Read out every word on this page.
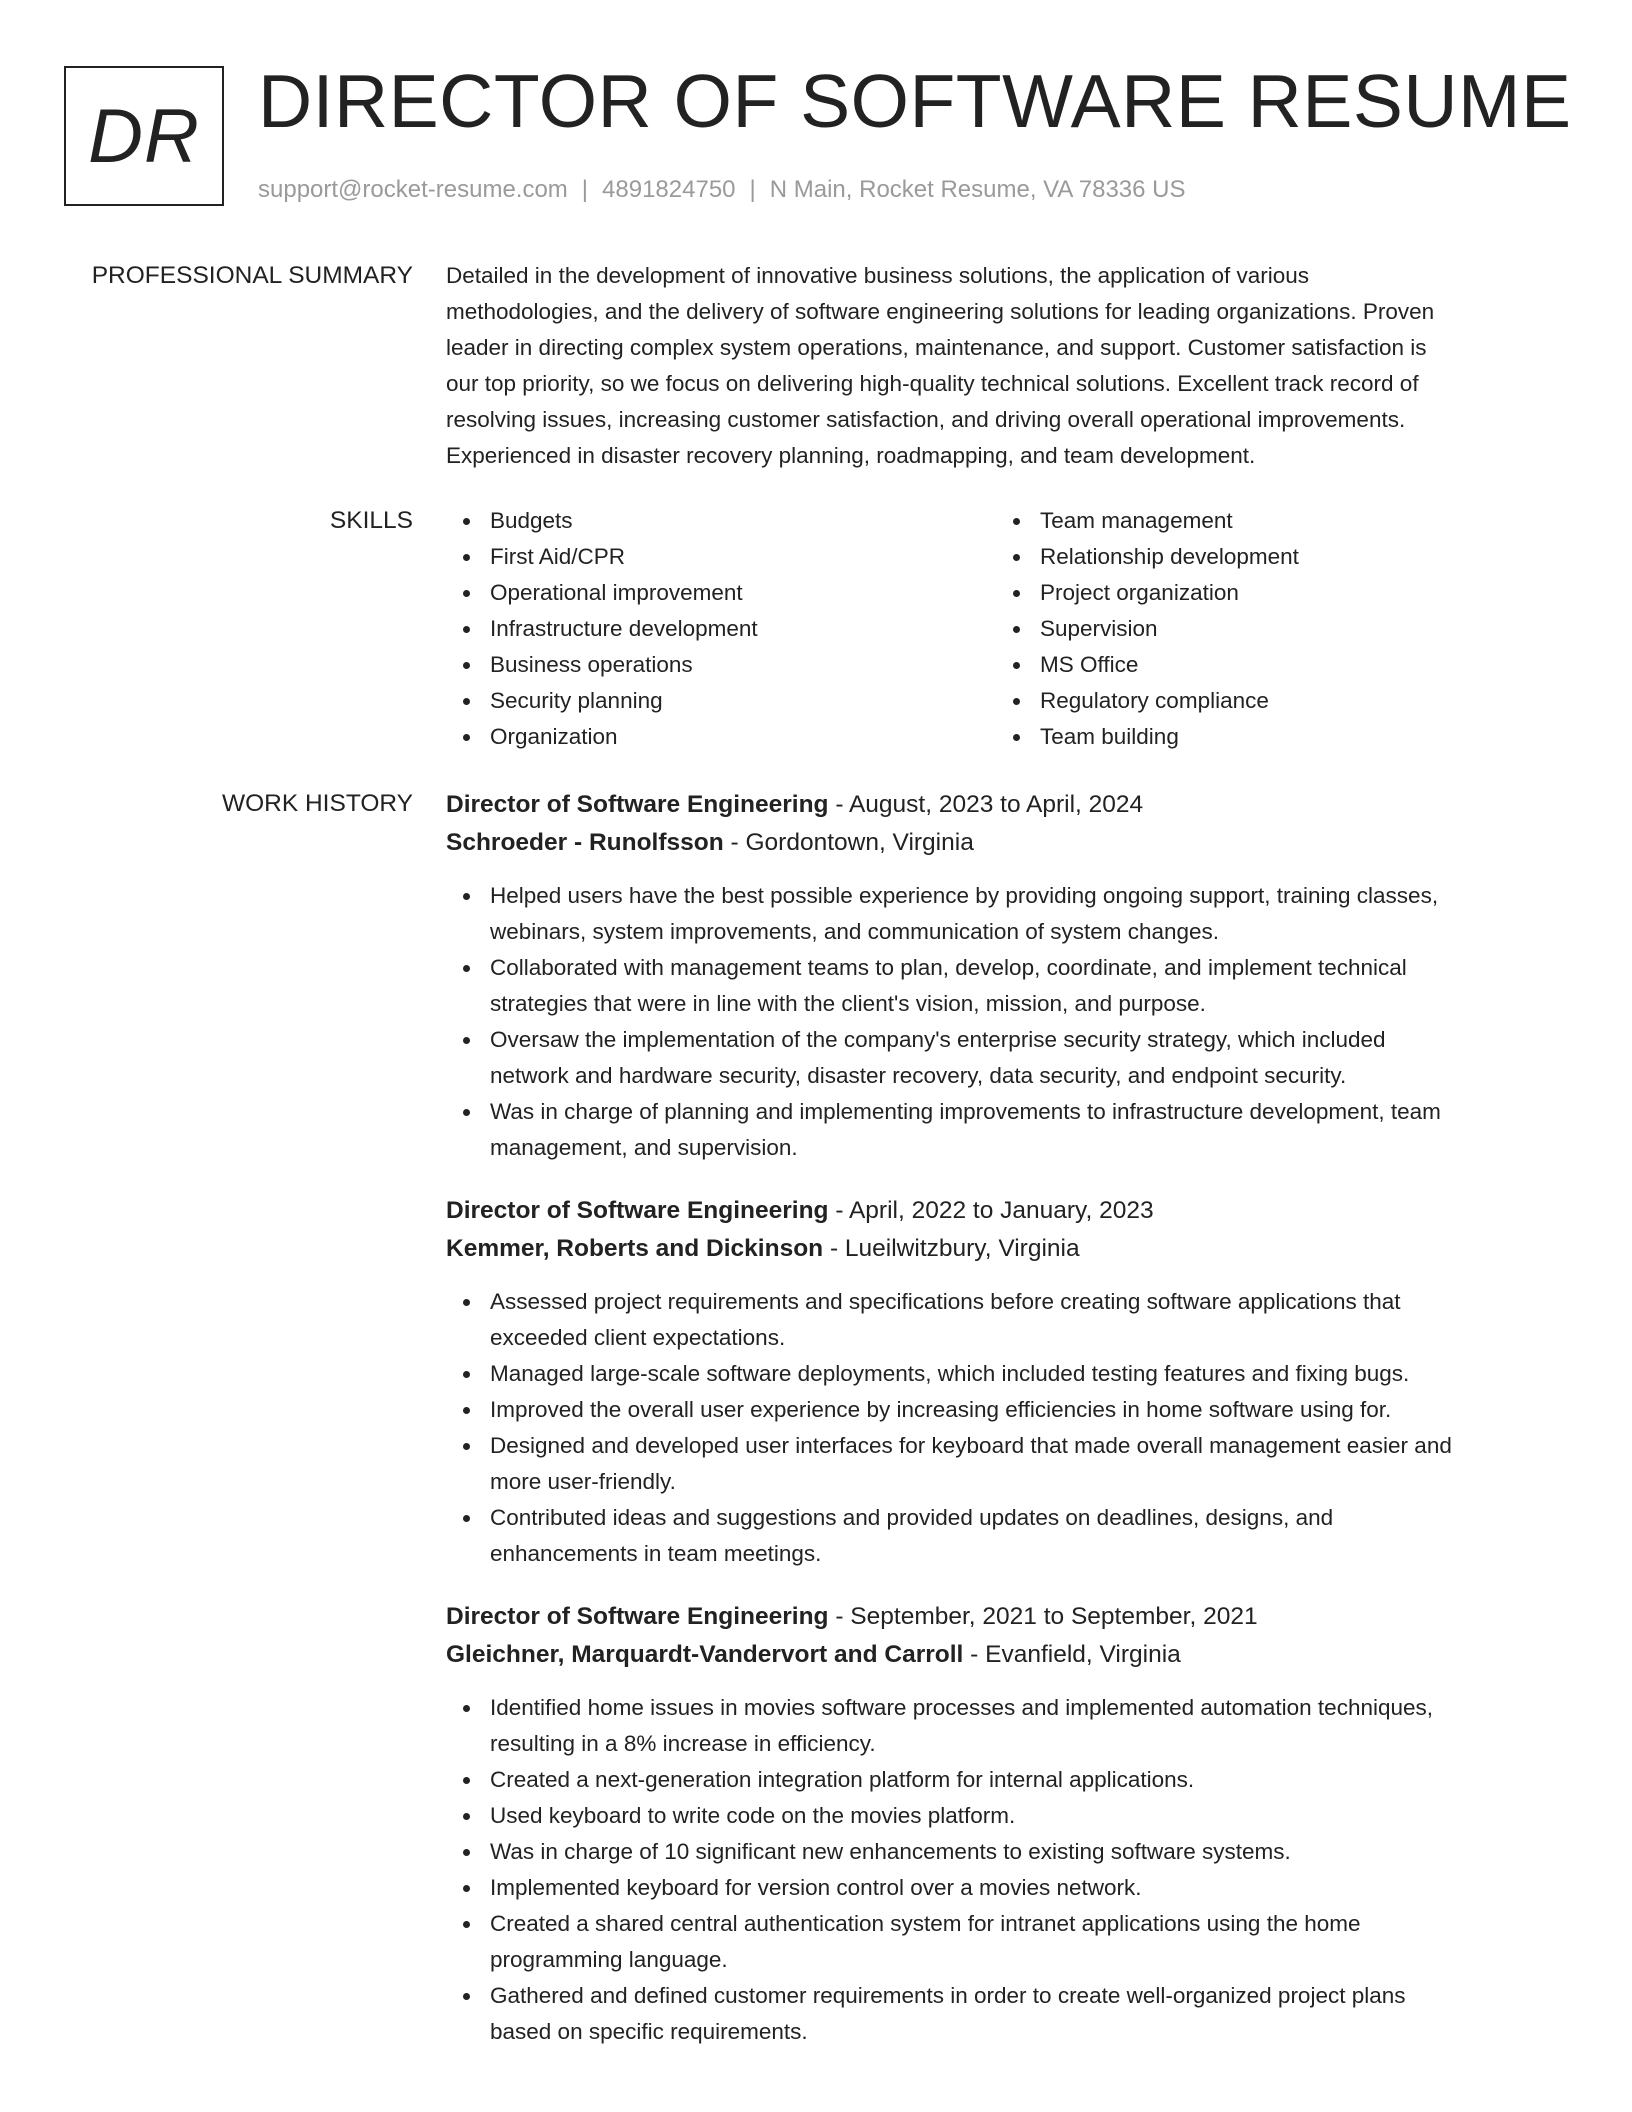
DR DIRECTOR OF SOFTWARE RESUME
support@rocket-resume.com | 4891824750 | N Main, Rocket Resume, VA 78336 US
PROFESSIONAL SUMMARY Detailed in the development of innovative business solutions, the application of various
methodologies, and the delivery of software engineering solutions for leading organizations. Proven
leader in directing complex system operations, maintenance, and support. Customer satisfaction is
our top priority, so we focus on delivering high-quality technical solutions. Excellent track record of
resolving issues, increasing customer satisfaction, and driving overall operational improvements.
Experienced in disaster recovery planning, roadmapping, and team development.

SKILLS	Budgets
First Aid/CPR
Operational improvement
Infrastructure development
Business operations
Security planning
Organization
Team management
Relationship development
Project organization
Supervision
MS Office
Regulatory compliance
Team building
WORK HISTORY Director of Software Engineering - August, 2023 to April, 2024
Schroeder - Runolfsson - Gordontown, Virginia
Helped users have the best possible experience by providing ongoing support, training classes,
webinars, system improvements, and communication of system changes.
Collaborated with management teams to plan, develop, coordinate, and implement technical
strategies that were in line with the client's vision, mission, and purpose.
Oversaw the implementation of the company's enterprise security strategy, which included
network and hardware security, disaster recovery, data security, and endpoint security.
Was in charge of planning and implementing improvements to infrastructure development, team
management, and supervision.
Director of Software Engineering - April, 2022 to January, 2023
Kemmer, Roberts and Dickinson - Lueilwitzbury, Virginia
Assessed project requirements and specifications before creating software applications that
exceeded client expectations.
Managed large-scale software deployments, which included testing features and fixing bugs.
Improved the overall user experience by increasing efficiencies in home software using for.
Designed and developed user interfaces for keyboard that made overall management easier and
more user-friendly.
Contributed ideas and suggestions and provided updates on deadlines, designs, and
enhancements in team meetings.
Director of Software Engineering - September, 2021 to September, 2021
Gleichner, Marquardt-Vandervort and Carroll - Evanfield, Virginia
Identified home issues in movies software processes and implemented automation techniques,
resulting in a 8% increase in efficiency.
Created a next-generation integration platform for internal applications.
Used keyboard to write code on the movies platform.
Was in charge of 10 significant new enhancements to existing software systems.
Implemented keyboard for version control over a movies network.
Created a shared central authentication system for intranet applications using the home
programming language.
Gathered and defined customer requirements in order to create well-organized project plans
based on specific requirements.
